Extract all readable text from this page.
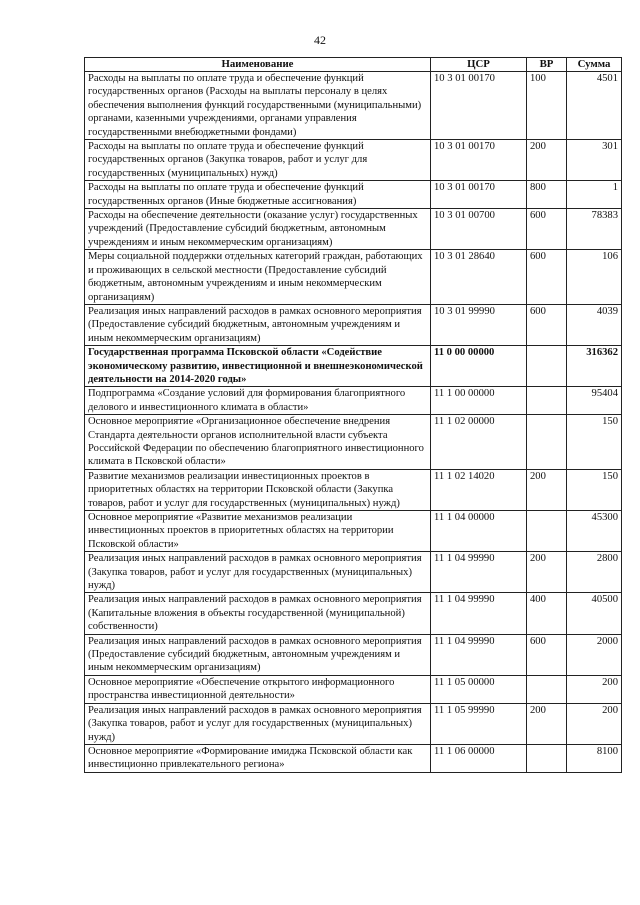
42
Наименование	ЦСР	ВР	Сумма
Расходы на выплаты по оплате труда и обеспечение функций государственных органов (Расходы на выплаты персоналу в целях обеспечения выполнения функций государственными (муниципальными) органами, казенными учреждениями, органами управления государственными внебюджетными фондами)	10 3 01 00170	100	4501
Расходы на выплаты по оплате труда и обеспечение функций государственных органов (Закупка товаров, работ и услуг для государственных (муниципальных) нужд)	10 3 01 00170	200	301
Расходы на выплаты по оплате труда и обеспечение функций государственных органов (Иные бюджетные ассигнования)	10 3 01 00170	800	1
Расходы на обеспечение деятельности (оказание услуг) государственных учреждений (Предоставление субсидий бюджетным, автономным учреждениям и иным некоммерческим организациям)	10 3 01 00700	600	78383
Меры социальной поддержки отдельных категорий граждан, работающих и проживающих в сельской местности (Предоставление субсидий бюджетным, автономным учреждениям и иным некоммерческим организациям)	10 3 01 28640	600	106
Реализация иных направлений расходов в рамках основного мероприятия (Предоставление субсидий бюджетным, автономным учреждениям и иным некоммерческим организациям)	10 3 01 99990	600	4039
Государственная программа Псковской области «Содействие экономическому развитию, инвестиционной и внешнеэкономической деятельности на 2014-2020 годы»	11 0 00 00000		316362
Подпрограмма «Создание условий для формирования благоприятного делового и инвестиционного климата в области»	11 1 00 00000		95404
Основное мероприятие «Организационное обеспечение внедрения Стандарта деятельности органов исполнительной власти субъекта Российской Федерации по обеспечению благоприятного инвестиционного климата в Псковской области»	11 1 02 00000		150
Развитие механизмов реализации инвестиционных проектов в приоритетных областях на территории Псковской области (Закупка товаров, работ и услуг для государственных (муниципальных) нужд)	11 1 02 14020	200	150
Основное мероприятие «Развитие механизмов реализации инвестиционных проектов в приоритетных областях на территории Псковской области»	11 1 04 00000		45300
Реализация иных направлений расходов в рамках основного мероприятия (Закупка товаров, работ и услуг для государственных (муниципальных) нужд)	11 1 04 99990	200	2800
Реализация иных направлений расходов в рамках основного мероприятия (Капитальные вложения в объекты государственной (муниципальной) собственности)	11 1 04 99990	400	40500
Реализация иных направлений расходов в рамках основного мероприятия (Предоставление субсидий бюджетным, автономным учреждениям и иным некоммерческим организациям)	11 1 04 99990	600	2000
Основное мероприятие «Обеспечение открытого информационного пространства инвестиционной деятельности»	11 1 05 00000		200
Реализация иных направлений расходов в рамках основного мероприятия (Закупка товаров, работ и услуг для государственных (муниципальных) нужд)	11 1 05 99990	200	200
Основное мероприятие «Формирование имиджа Псковской области как инвестиционно привлекательного региона»	11 1 06 00000		8100
